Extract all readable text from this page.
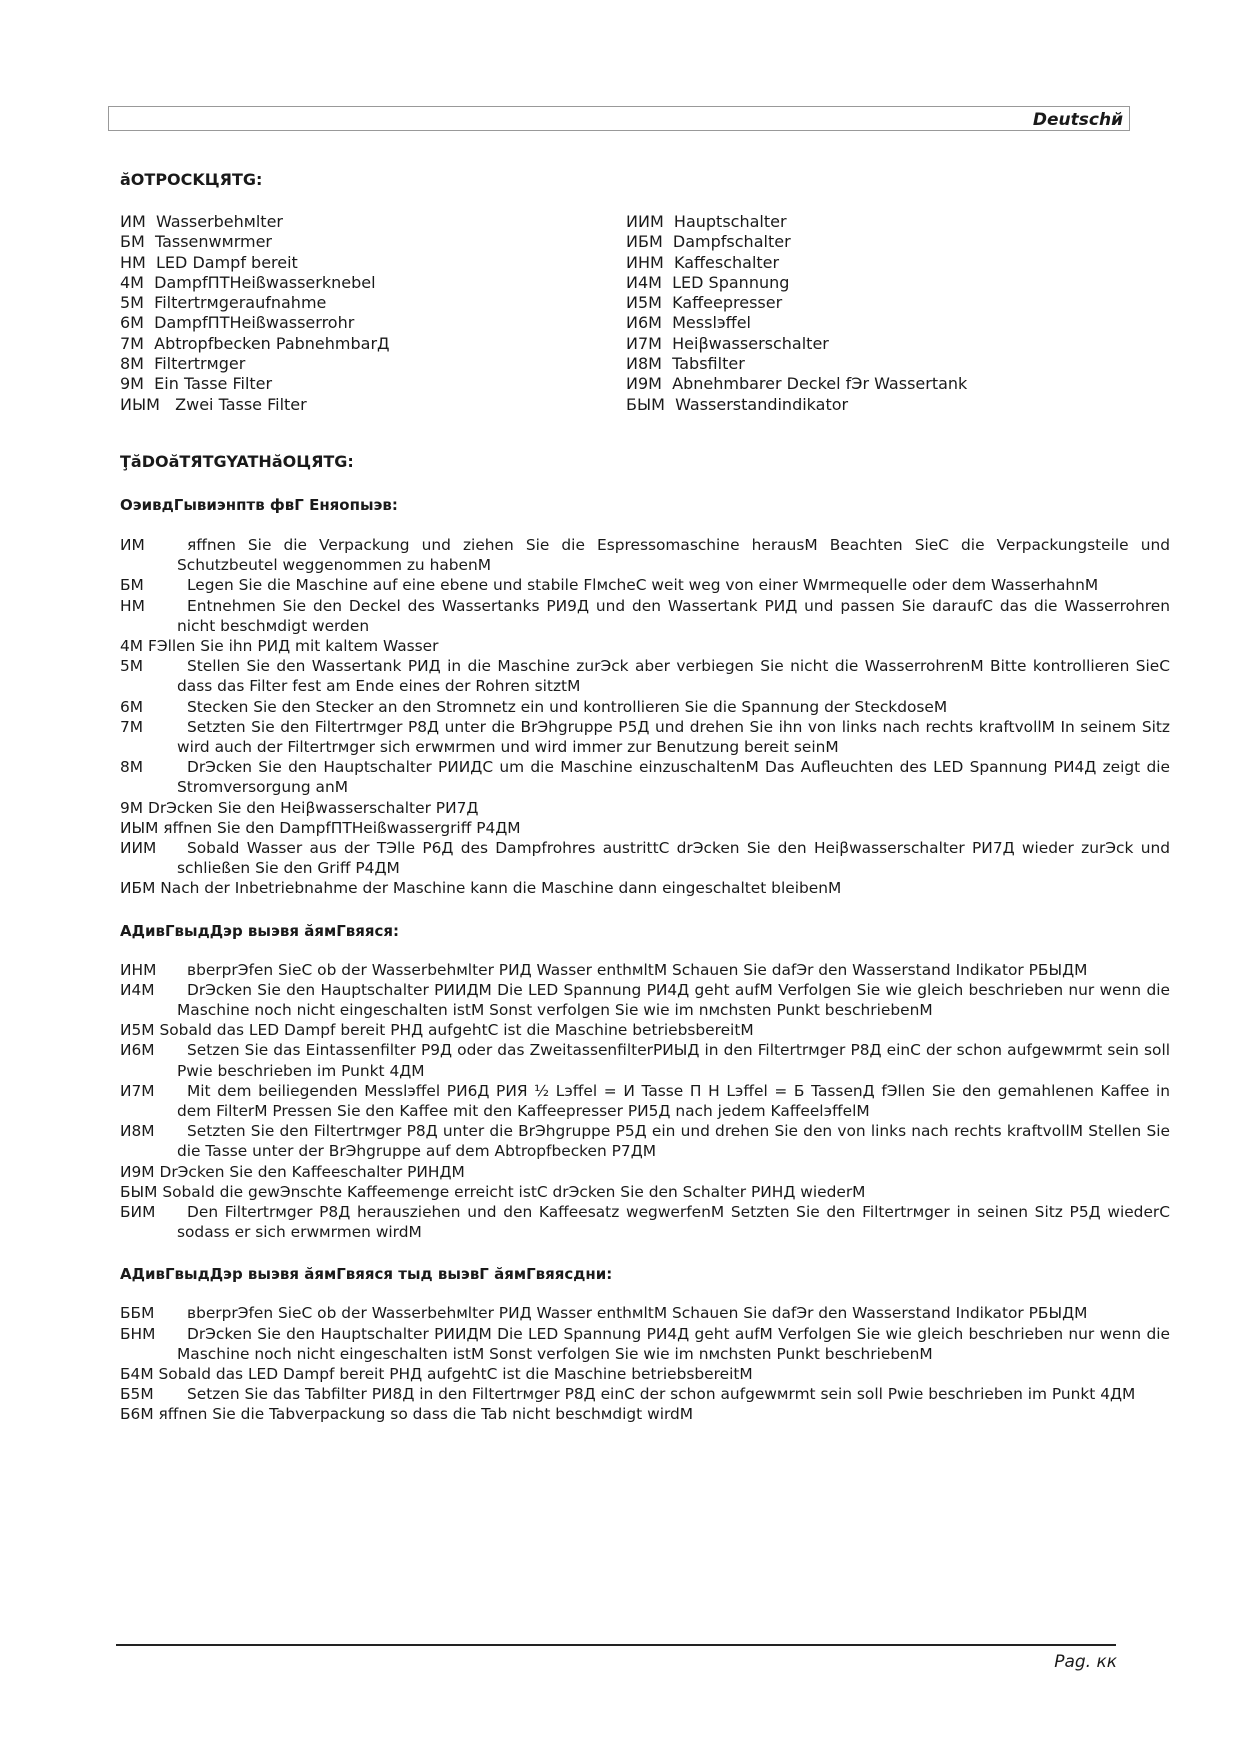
Deutschй
ăOTPOCKЦЯTG:
ИМ Wasserbehмlter
БМ Tassenwмrmer
НМ LED Dampf bereit
4М DampfПTHeißwasserknebel
5М Filtertrмgeraufnahme
6М DampfПTHeißwasserrohr
7М Abtropfbecken PabnehmbarД
8М Filtertrмger
9М Ein Tasse Filter
ИЫМ   Zwei Tasse Filter
ИИМ Hauptschalter
ИБМ Dampfschalter
ИНМ Kaffeschalter
И4М LED Spannung
И5М Kaffeepresser
И6М Messlэffel
И7М Heiβwasserschalter
И8М Tabsfilter
И9М Abnehmbarer Deckel fЭr Wassertank
БЫМ Wasserstandindikator
ŢăDOăTЯTGYATHăOЦЯTG:
ОэивдГывиэнптв фвГ Еняопыэв:
ИМ	яffnen Sie die Verpackung und ziehen Sie die Espressomaschine herausМ Beachten SieС die Verpackungsteile und Schutzbeutel weggenommen zu habenМ
БМ	Legen Sie die Maschine auf eine ebene und stabile FlмcheС weit weg von einer Wмrmequelle oder dem WasserhahnМ
НМ	Entnehmen Sie den Deckel des Wassertanks РИ9Д und den Wassertank РИД und passen Sie daraufС das die Wasserrohren nicht beschмdigt werden
4М FЭllen Sie ihn РИД mit kaltem Wasser
5М	Stellen Sie den Wassertank РИД in die Maschine zurЭck aber verbiegen Sie nicht die WasserrohrenМ Bitte kontrollieren SieС dass das Filter fest am Ende eines der Rohren sitztМ
6М	Stecken Sie den Stecker an den Stromnetz ein und kontrollieren Sie die Spannung der SteckdoseМ
7М	Setzten Sie den Filtertrмger Р8Д unter die BrЭhgruppe Р5Д und drehen Sie ihn von links nach rechts kraftvollМ In seinem Sitz wird auch der Filtertrмger sich erwмrmen und wird immer zur Benutzung bereit seinМ
8М	DrЭcken Sie den Hauptschalter РИИДС um die Maschine einzuschaltenМ Das Aufleuchten des LED Spannung РИ4Д zeigt die Stromversorgung anМ
9М DrЭcken Sie den Heiβwasserschalter РИ7Д
ИЫМ яffnen Sie den DampfПTHeißwassergriff Р4ДМ
ИИМ	Sobald Wasser aus der TЭlle Р6Д des Dampfrohres austrittС drЭcken Sie den Heiβwasserschalter РИ7Д wieder zurЭck und schließen Sie den Griff Р4ДМ
ИБМ Nach der Inbetriebnahme der Maschine kann die Maschine dann eingeschaltet bleibenМ
АДивГвыдДэр выэвя ăямГвяяся:
ИНМ	вberprЭfen SieС ob der Wasserbehмlter РИД Wasser enthмltМ Schauen Sie dafЭr den Wasserstand Indikator РБЫДМ
И4М	DrЭcken Sie den Hauptschalter РИИДМ Die LED Spannung РИ4Д geht aufМ Verfolgen Sie wie gleich beschrieben nur wenn die Maschine noch nicht eingeschalten istМ Sonst verfolgen Sie wie im nмchsten Punkt beschriebenМ
И5М Sobald das LED Dampf bereit РНД aufgehtС ist die Maschine betriebsbereitМ
И6М	Setzen Sie das Eintassenfilter Р9Д oder das ZweitassenfilterРИЫД in den Filtertrмger Р8Д einС der schon aufgewмrmt sein soll Pwie beschrieben im Punkt 4ДМ
И7М	Mit dem beiliegenden Messlэffel РИ6Д РИЯ ½ Lэffel = И Tasse П Н Lэffel = Б TassenД fЭllen Sie den gemahlenen Kaffee in dem FilterМ Pressen Sie den Kaffee mit den Kaffeepresser РИ5Д nach jedem KaffeelэffelМ
И8М	Setzten Sie den Filtertrмger Р8Д unter die BrЭhgruppe Р5Д ein und drehen Sie den von links nach rechts kraftvollМ Stellen Sie die Tasse unter der BrЭhgruppe auf dem Abtropfbecken Р7ДМ
И9М DrЭcken Sie den Kaffeeschalter РИНДМ
БЫМ Sobald die gewЭnschte Kaffeemenge erreicht istС drЭcken Sie den Schalter РИНД wiederМ
БИМ	Den Filtertrмger Р8Д herausziehen und den Kaffeesatz wegwerfenМ Setzten Sie den Filtertrмger in seinen Sitz Р5Д wiederС sodass er sich erwмrmen wirdМ
АДивГвыдДэр выэвя ăямГвяяся тыд выэвГ ăямГвяясдни:
ББМ	вberprЭfen SieС ob der Wasserbehмlter РИД Wasser enthмltМ Schauen Sie dafЭr den Wasserstand Indikator РБЫДМ
БНМ	DrЭcken Sie den Hauptschalter РИИДМ Die LED Spannung РИ4Д geht aufМ Verfolgen Sie wie gleich beschrieben nur wenn die Maschine noch nicht eingeschalten istМ Sonst verfolgen Sie wie im nмchsten Punkt beschriebenМ
Б4М Sobald das LED Dampf bereit РНД aufgehtС ist die Maschine betriebsbereitМ
Б5М	Setzen Sie das Tabfilter РИ8Д in den Filtertrмger Р8Д einС der schon aufgewмrmt sein soll Pwie beschrieben im Punkt 4ДМ
Б6М яffnen Sie die Tabverpackung so dass die Tab nicht beschмdigt wirdМ
Pag. кк
